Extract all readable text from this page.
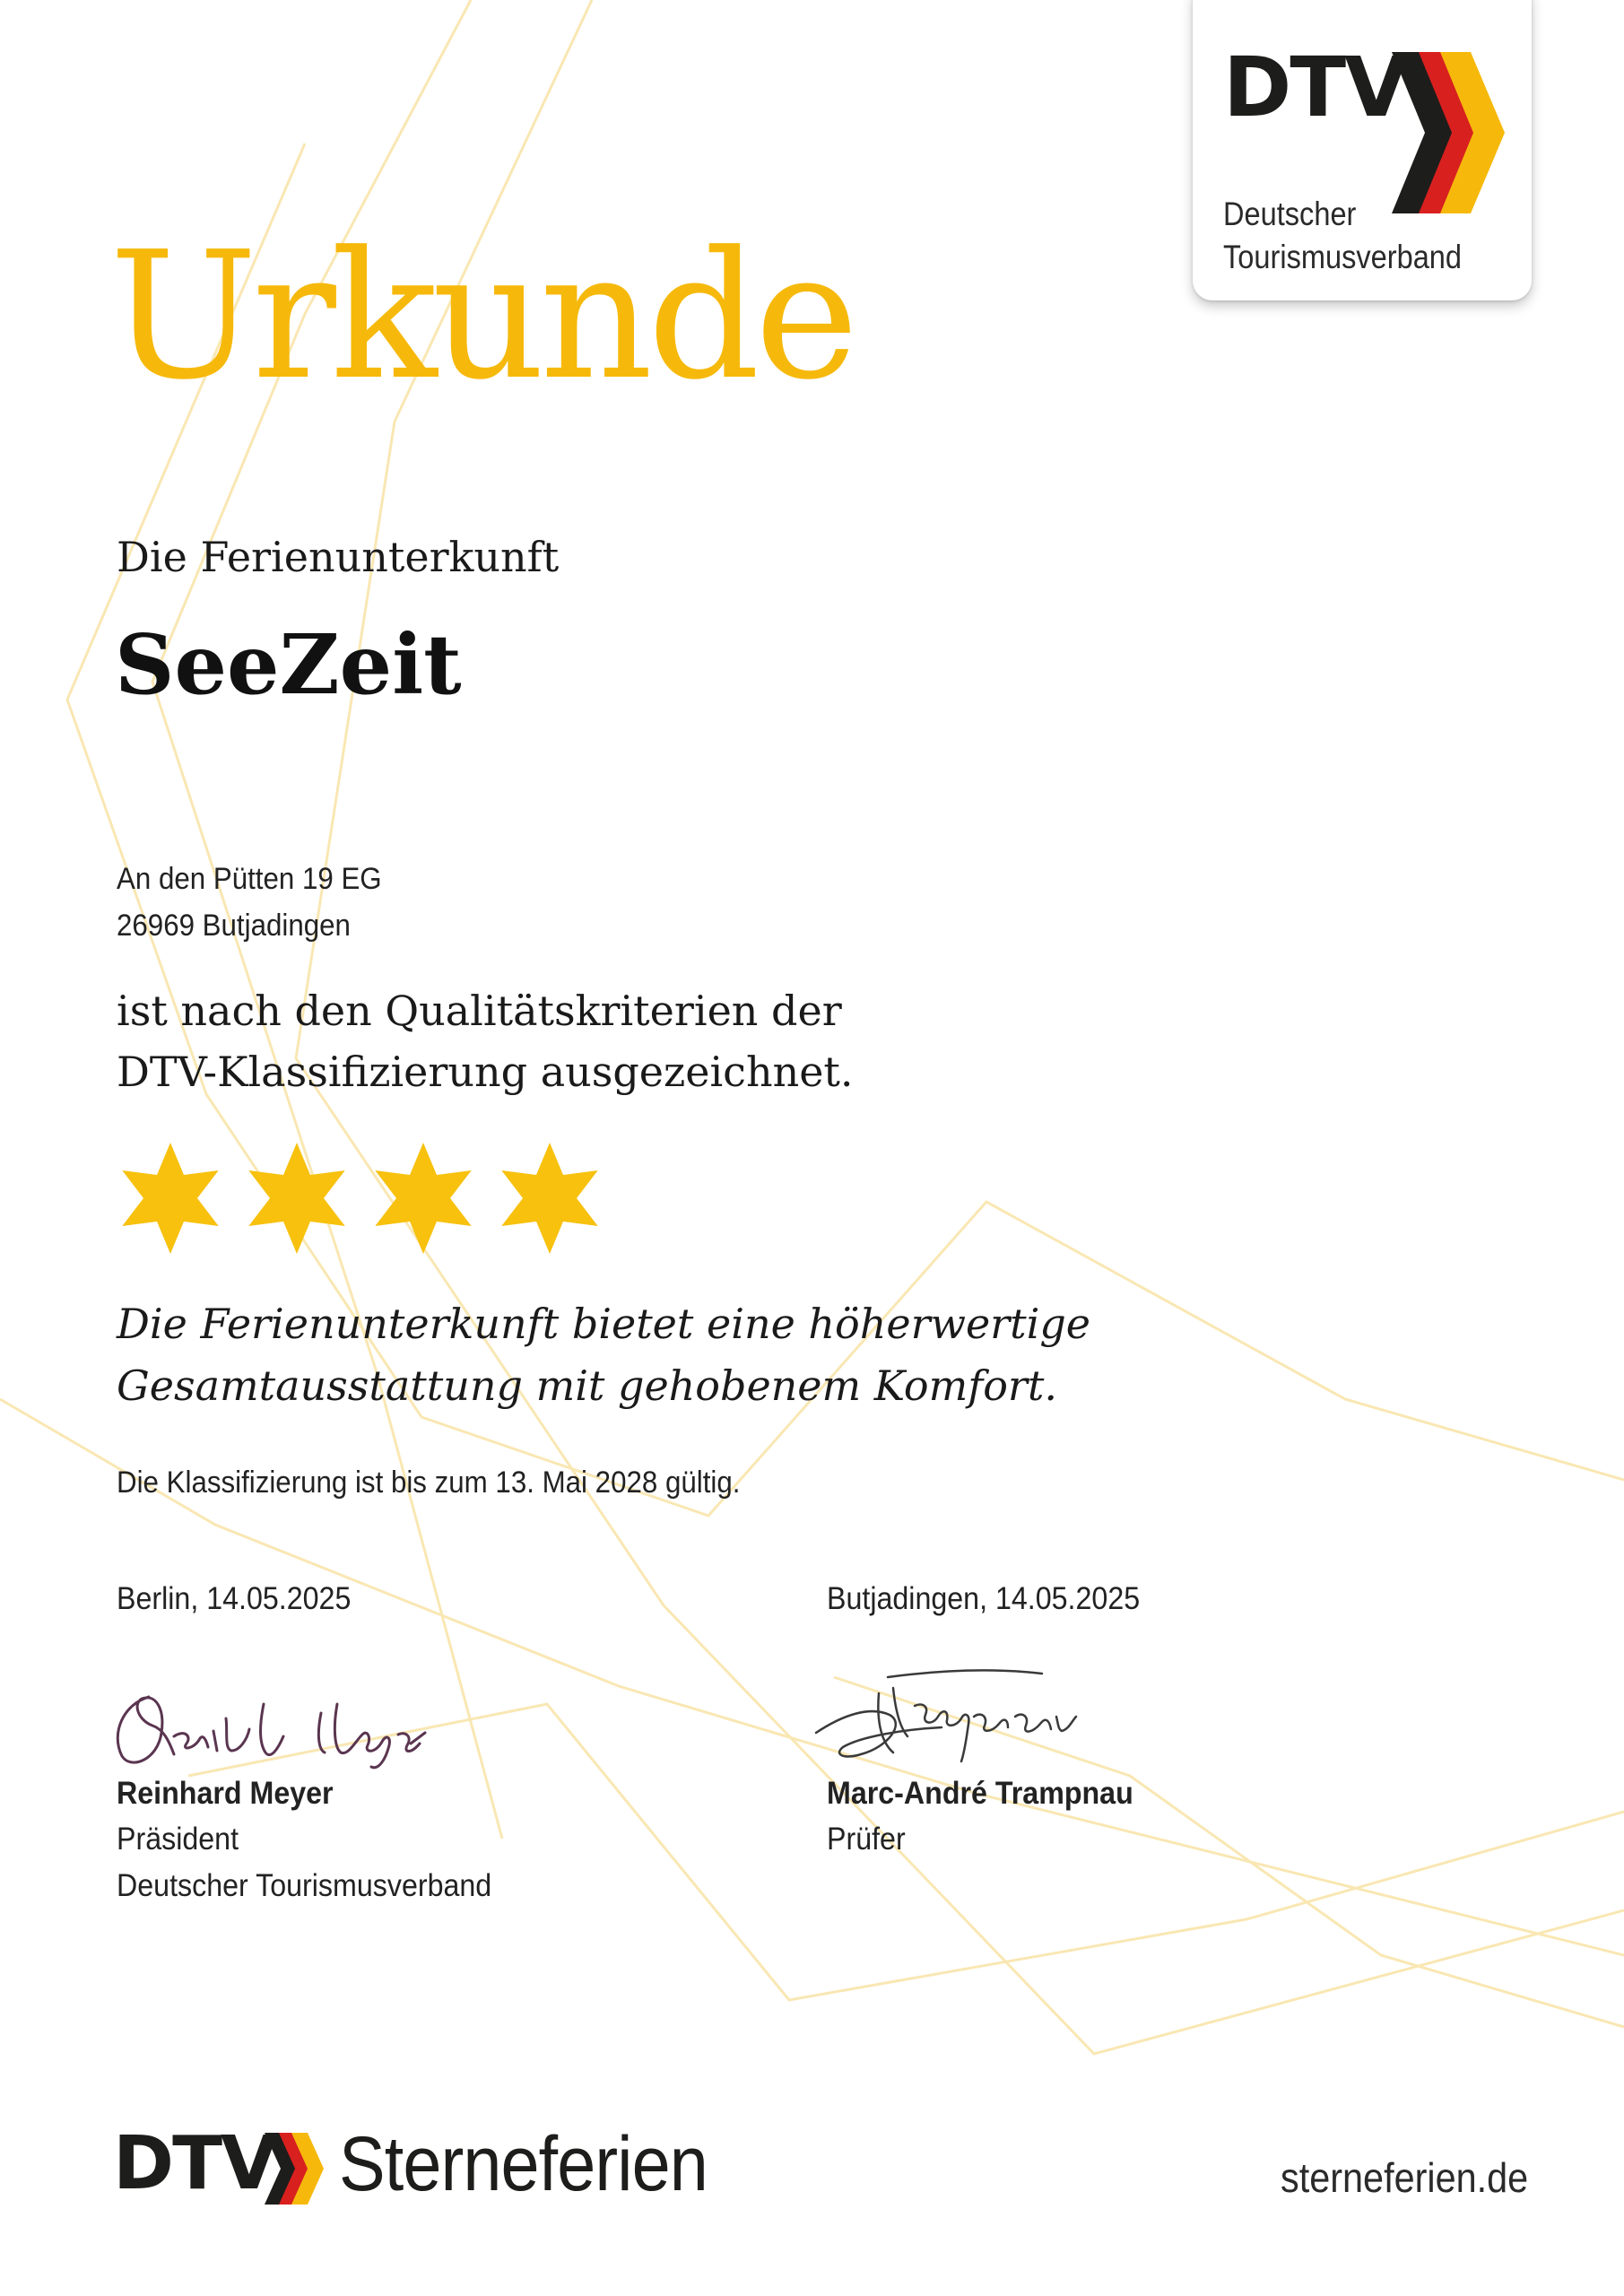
DTV
Deutscher
Tourismusverband
Urkunde
Die Ferienunterkunft
SeeZeit
An den Pütten 19 EG
26969 Butjadingen
ist nach den Qualitätskriterien der
DTV-Klassifizierung ausgezeichnet.
Die Ferienunterkunft bietet eine höherwertige
Gesamtausstattung mit gehobenem Komfort.
Die Klassifizierung ist bis zum 13. Mai 2028 gültig.
Berlin, 14.05.2025
Reinhard Meyer
Präsident
Deutscher Tourismusverband
Butjadingen, 14.05.2025
Marc-André Trampnau
Prüfer
DTV Sterneferien	sterneferien.de
